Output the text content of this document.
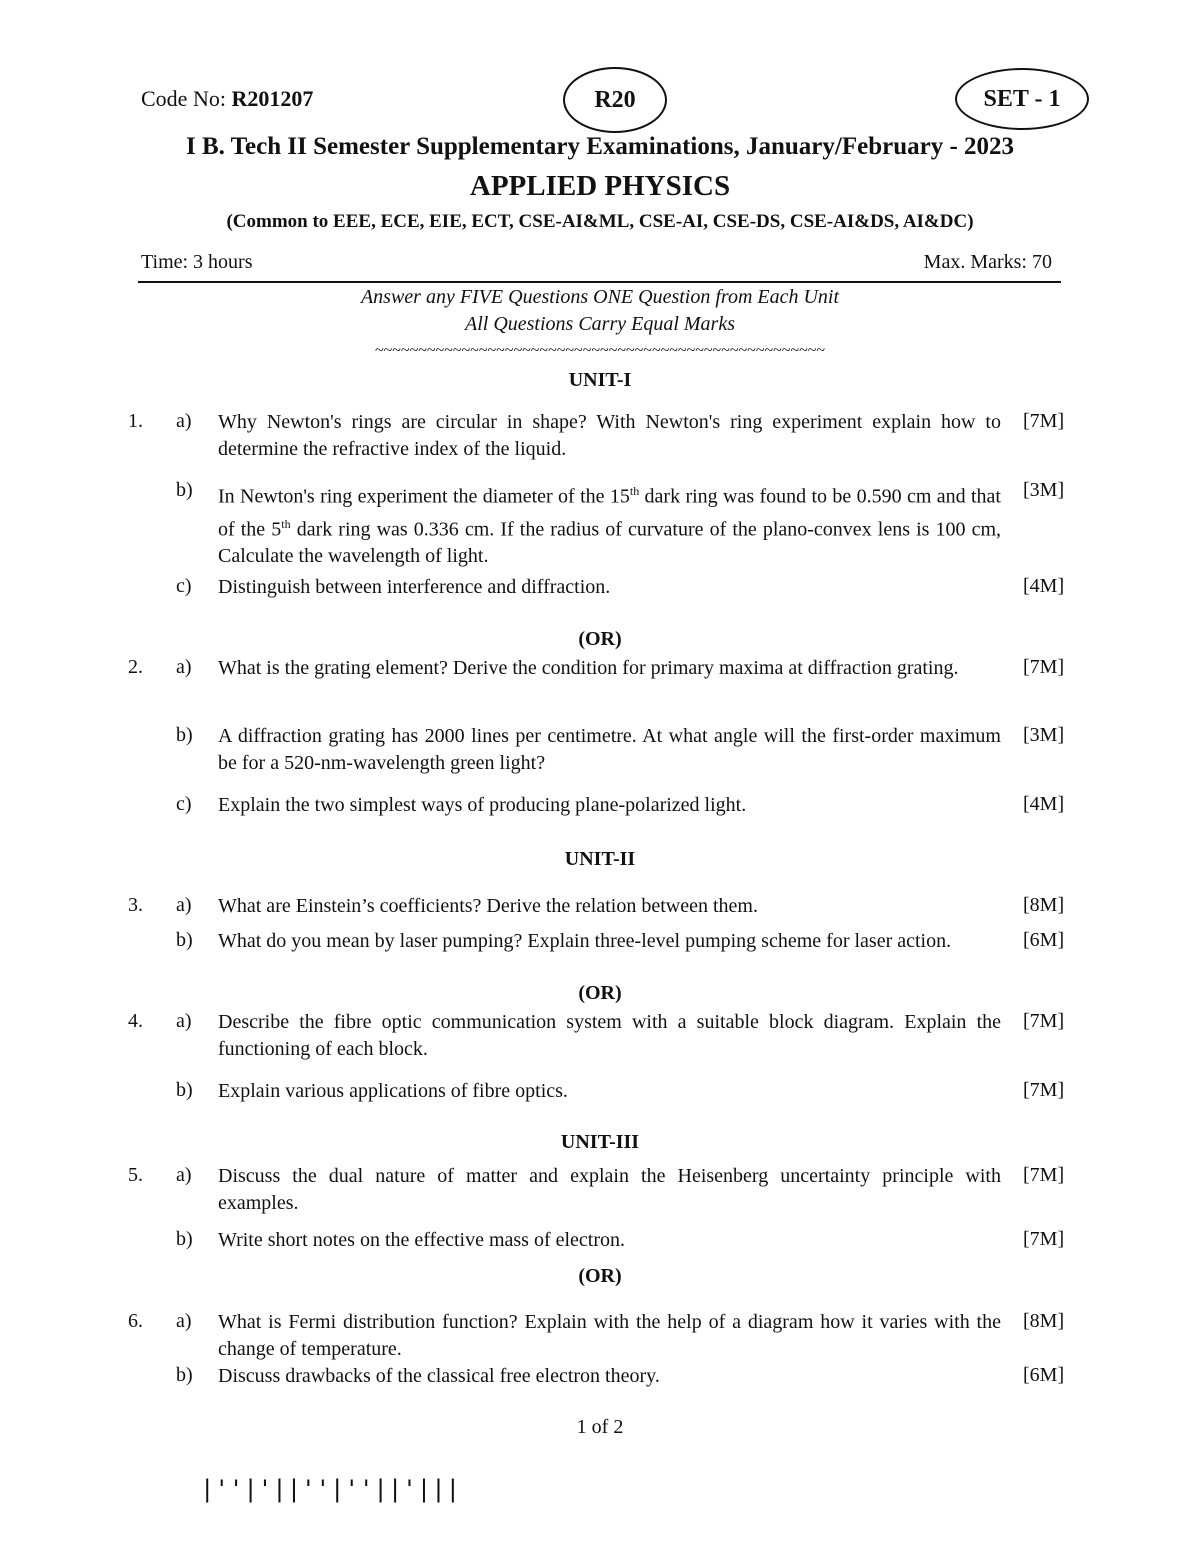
Code No: R201207	R20	SET - 1
I B. Tech II Semester Supplementary Examinations, January/February - 2023
APPLIED PHYSICS
(Common to EEE, ECE, EIE, ECT, CSE-AI&ML, CSE-AI, CSE-DS, CSE-AI&DS, AI&DC)
Time: 3 hours	Max. Marks: 70
Answer any FIVE Questions ONE Question from Each Unit
All Questions Carry Equal Marks
~~~~~~~~~~~~~~~~~~~~~~~~~~~~~~~~~~~~~~~~~~~~~~~~~~~~
UNIT-I
1. a) Why Newton's rings are circular in shape? With Newton's ring experiment explain how to determine the refractive index of the liquid.
[7M]
b) In Newton's ring experiment the diameter of the 15th dark ring was found to be 0.590 cm and that of the 5th dark ring was 0.336 cm. If the radius of curvature of the plano-convex lens is 100 cm, Calculate the wavelength of light.
[3M]
c) Distinguish between interference and diffraction.	[4M]
(OR)
2. a) What is the grating element? Derive the condition for primary maxima at diffraction grating.	[7M]
b) A diffraction grating has 2000 lines per centimetre. At what angle will the first-order maximum be for a 520-nm-wavelength green light?
[3M]
c) Explain the two simplest ways of producing plane-polarized light.	[4M]
UNIT-II
3. a) What are Einstein’s coefficients? Derive the relation between them.	[8M]
b) What do you mean by laser pumping? Explain three-level pumping scheme for laser action.	[6M]
(OR)
4. a) Describe the fibre optic communication system with a suitable block diagram. Explain the functioning of each block.
[7M]
b) Explain various applications of fibre optics.	[7M]
UNIT-III
5. a) Discuss the dual nature of matter and explain the Heisenberg uncertainty principle with examples.
[7M]
b) Write short notes on the effective mass of electron.	[7M]
(OR)
6. a) What is Fermi distribution function? Explain with the help of a diagram how it varies with the change of temperature.
[8M]
b) Discuss drawbacks of the classical free electron theory.	[6M]
1 of 2
|''|'||''|''||'|||
